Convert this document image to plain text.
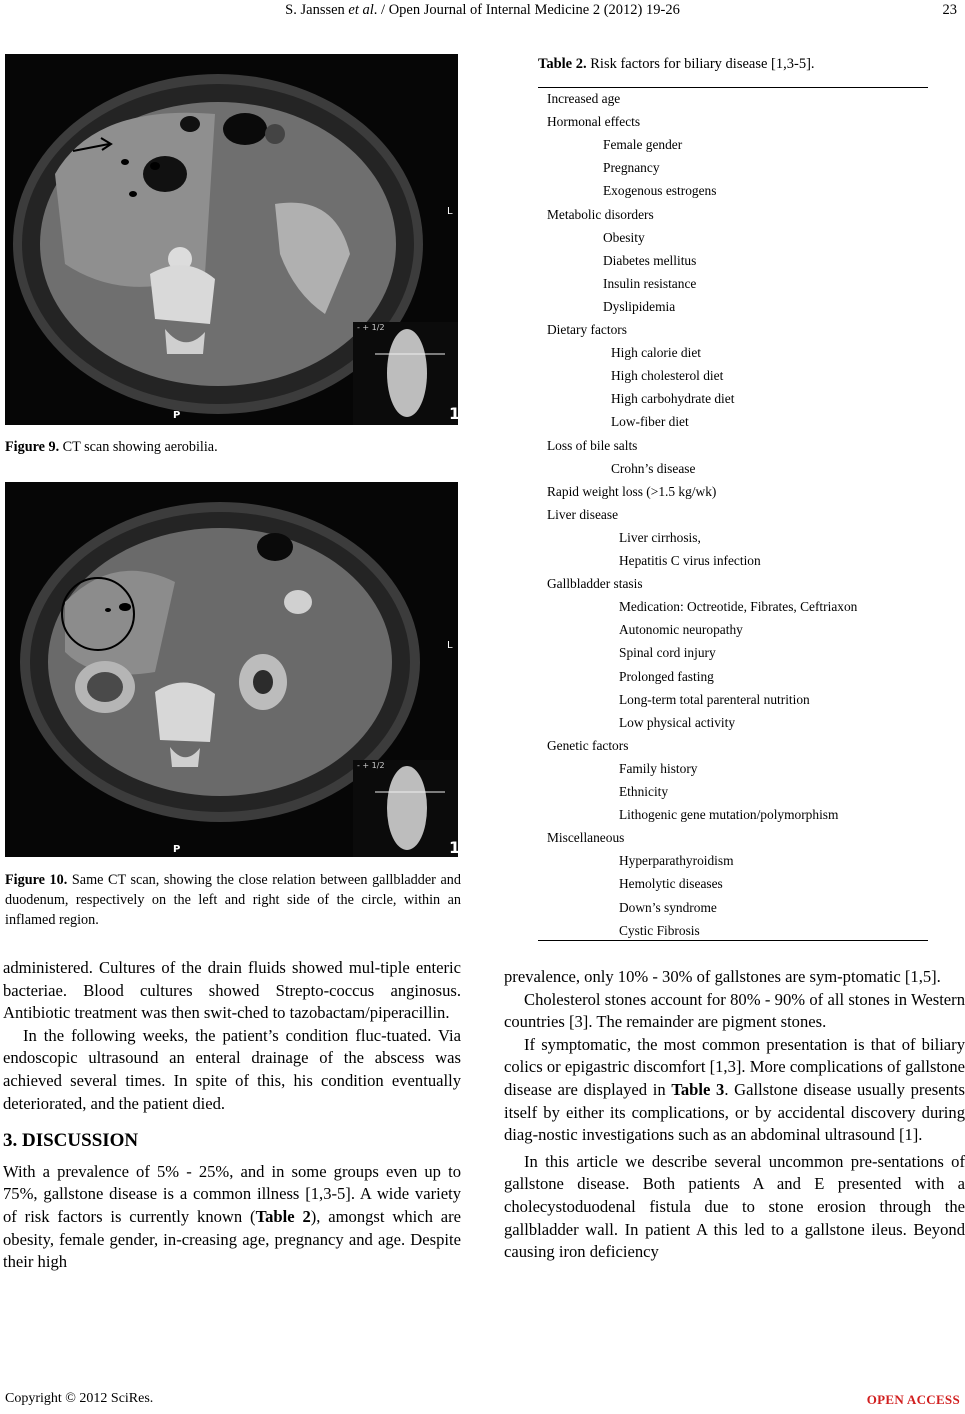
S. Janssen et al. / Open Journal of Internal Medicine 2 (2012) 19-26	23
L
P
- + 1/2
1
Figure 9. CT scan showing aerobilia.
L
P
- + 1/2
1
Figure 10. Same CT scan, showing the close relation between gallbladder and duodenum, respectively on the left and right side of the circle, within an inflamed region.

administered. Cultures of the drain fluids showed mul-tiple enteric bacteriae. Blood cultures showed Strepto-coccus anginosus. Antibiotic treatment was then swit-ched to tazobactam/piperacillin.

In the following weeks, the patient’s condition fluc-tuated. Via endoscopic ultrasound an enteral drainage of the abscess was achieved several times. In spite of this, his condition eventually deteriorated, and the patient died.

3. DISCUSSION

With a prevalence of 5% - 25%, and in some groups even up to 75%, gallstone disease is a common illness [1,3-5]. A wide variety of risk factors is currently known (Table 2), amongst which are obesity, female gender, in-creasing age, pregnancy and age. Despite their high

Table 2. Risk factors for biliary disease [1,3-5].
Increased age
Hormonal effects
Female gender
Pregnancy
Exogenous estrogens
Metabolic disorders
Obesity
Diabetes mellitus
Insulin resistance
Dyslipidemia
Dietary factors
High calorie diet
High cholesterol diet
High carbohydrate diet
Low-fiber diet
Loss of bile salts
Crohn’s disease
Rapid weight loss (>1.5 kg/wk)
Liver disease
Liver cirrhosis,
Hepatitis C virus infection
Gallbladder stasis
Medication: Octreotide, Fibrates, Ceftriaxon
Autonomic neuropathy
Spinal cord injury
Prolonged fasting
Long-term total parenteral nutrition
Low physical activity
Genetic factors
Family history
Ethnicity
Lithogenic gene mutation/polymorphism
Miscellaneous
Hyperparathyroidism
Hemolytic diseases
Down’s syndrome
Cystic Fibrosis

prevalence, only 10% - 30% of gallstones are sym-ptomatic [1,5].

Cholesterol stones account for 80% - 90% of all stones in Western countries [3]. The remainder are pigment stones.

If symptomatic, the most common presentation is that of biliary colics or epigastric discomfort [1,3]. More complications of gallstone disease are displayed in Table 3. Gallstone disease usually presents itself by either its complications, or by accidental discovery during diag-nostic investigations such as an abdominal ultrasound [1].

In this article we describe several uncommon pre-sentations of gallstone disease. Both patients A and E presented with a cholecystoduodenal fistula due to stone erosion through the gallbladder wall. In patient A this led to a gallstone ileus. Beyond causing iron deficiency

Copyright © 2012 SciRes.	OPEN ACCESS
